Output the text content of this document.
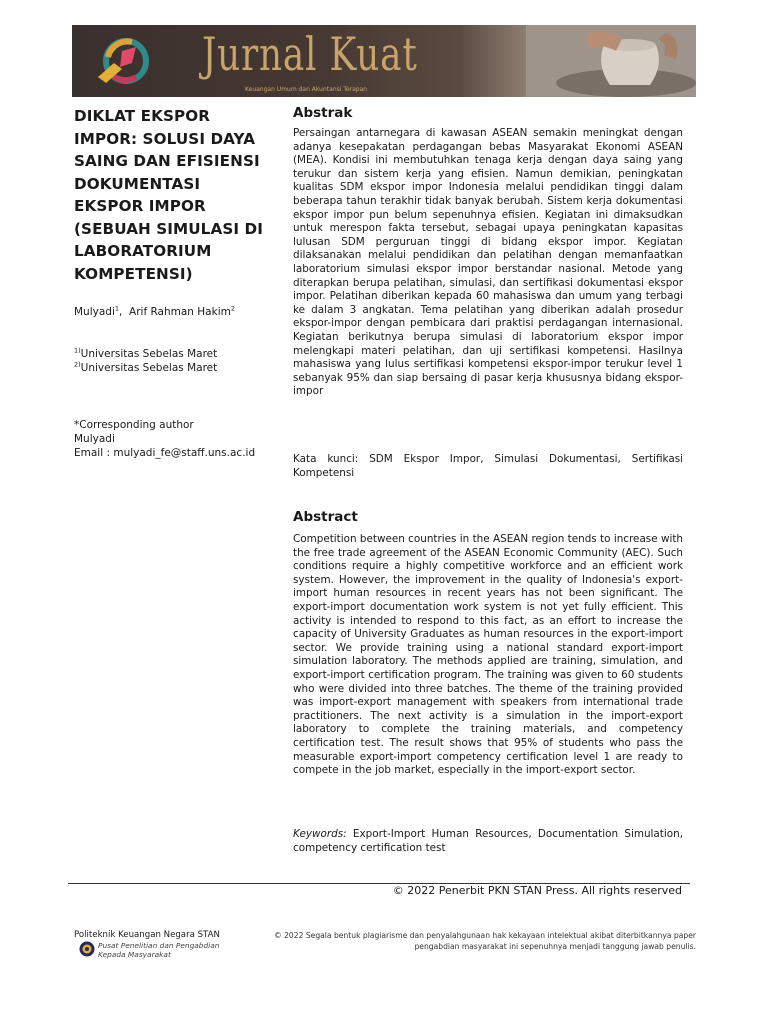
Jurnal Kuat
Keuangan Umum dan Akuntansi Terapan
DIKLAT EKSPOR IMPOR: SOLUSI DAYA SAING DAN EFISIENSI DOKUMENTASI EKSPOR IMPOR (SEBUAH SIMULASI DI LABORATORIUM KOMPETENSI)
Mulyadi$^1$,  Arif Rahman Hakim$^2$
$^{1)}$Universitas Sebelas Maret
$^{2)}$Universitas Sebelas Maret
*Corresponding author
Mulyadi
Email : mulyadi_fe@staff.uns.ac.id
Abstrak

Persaingan antarnegara di kawasan ASEAN semakin meningkat dengan adanya kesepakatan perdagangan bebas Masyarakat Ekonomi ASEAN (MEA). Kondisi ini membutuhkan tenaga kerja dengan daya saing yang terukur dan sistem kerja yang efisien. Namun demikian, peningkatan kualitas SDM ekspor impor Indonesia melalui pendidikan tinggi dalam beberapa tahun terakhir tidak banyak berubah. Sistem kerja dokumentasi ekspor impor pun belum sepenuhnya efisien. Kegiatan ini dimaksudkan untuk merespon fakta tersebut, sebagai upaya peningkatan kapasitas lulusan SDM perguruan tinggi di bidang ekspor impor. Kegiatan dilaksanakan melalui pendidikan dan pelatihan dengan memanfaatkan laboratorium simulasi ekspor impor berstandar nasional. Metode yang diterapkan berupa pelatihan, simulasi, dan sertifikasi dokumentasi ekspor impor. Pelatihan diberikan kepada 60 mahasiswa dan umum yang terbagi ke dalam 3 angkatan. Tema pelatihan yang diberikan adalah prosedur ekspor-impor dengan pembicara dari praktisi perdagangan internasional. Kegiatan berikutnya berupa simulasi di laboratorium ekspor impor melengkapi materi pelatihan, dan uji sertifikasi kompetensi. Hasilnya mahasiswa yang lulus sertifikasi kompetensi ekspor-impor terukur level 1 sebanyak 95% dan siap bersaing di pasar kerja khususnya bidang ekspor-impor

Kata kunci: SDM Ekspor Impor, Simulasi Dokumentasi, Sertifikasi Kompetensi

Abstract

Competition between countries in the ASEAN region tends to increase with the free trade agreement of the ASEAN Economic Community (AEC). Such conditions require a highly competitive workforce and an efficient work system. However, the improvement in the quality of Indonesia's export-import human resources in recent years has not been significant. The export-import documentation work system is not yet fully efficient. This activity is intended to respond to this fact, as an effort to increase the capacity of University Graduates as human resources in the export-import sector. We provide training using a national standard export-import simulation laboratory. The methods applied are training, simulation, and export-import certification program. The training was given to 60 students who were divided into three batches. The theme of the training provided was import-export management with speakers from international trade practitioners. The next activity is a simulation in the import-export laboratory to complete the training materials, and competency certification test. The result shows that 95% of students who pass the measurable export-import competency certification level 1 are ready to compete in the job market, especially in the import-export sector.

Keywords: Export-Import Human Resources, Documentation Simulation, competency certification test

© 2022 Penerbit PKN STAN Press. All rights reserved
Politeknik Keuangan Negara STAN
Pusat Penelitian dan Pengabdian Kepada Masyarakat
© 2022 Segala bentuk plagiarisme dan penyalahgunaan hak kekayaan intelektual akibat diterbitkannya paper pengabdian masyarakat ini sepenuhnya menjadi tanggung jawab penulis.
